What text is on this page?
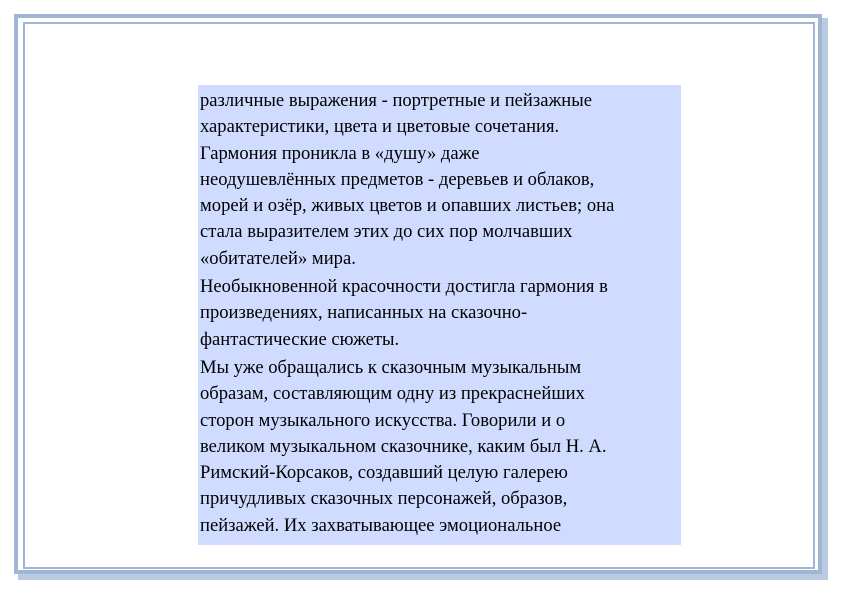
различные выражения - портретные и пейзажные
характеристики, цвета и цветовые сочетания.
Гармония проникла в «душу» даже
неодушевлённых предметов - деревьев и облаков,
морей и озёр, живых цветов и опавших листьев; она
стала выразителем этих до сих пор молчавших
«обитателей» мира.

Необыкновенной красочности достигла гармония в
произведениях, написанных на сказочно-
фантастические сюжеты.

Мы уже обращались к сказочным музыкальным
образам, составляющим одну из прекраснейших
сторон музыкального искусства. Говорили и о
великом музыкальном сказочнике, каким был Н. А.
Римский-Корсаков, создавший целую галерею
причудливых сказочных персонажей, образов,
пейзажей. Их захватывающее эмоциональное
